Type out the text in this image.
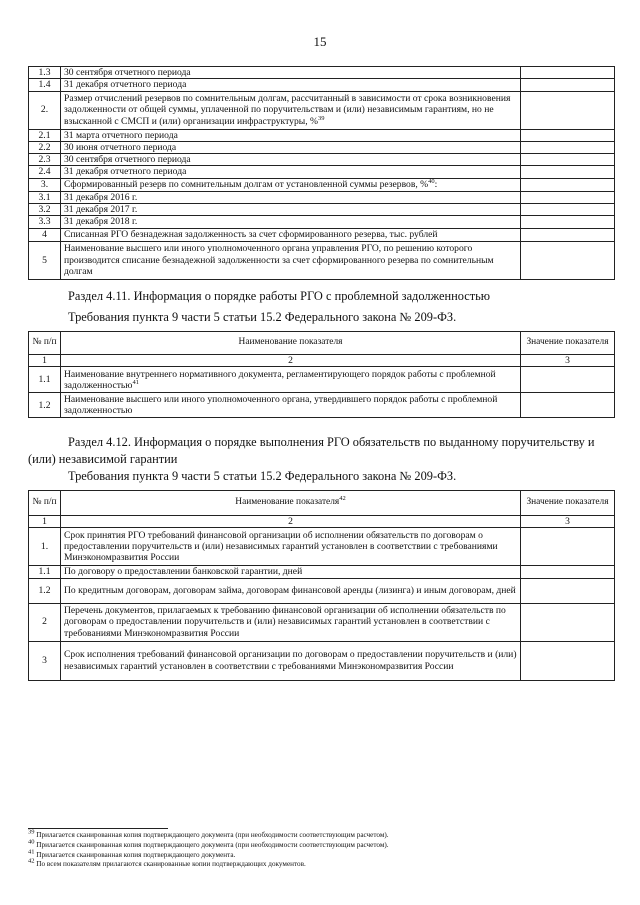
15
1.3	30 сентября отчетного периода	
1.4	31 декабря отчетного периода	
2.	Размер отчислений резервов по сомнительным долгам, рассчитанный в зависимости от срока возникновения задолженности от общей суммы, уплаченной по поручительствам и (или) независимым гарантиям, но не взысканной с СМСП и (или) организации инфраструктуры, %$^{39}$	
2.1	31 марта отчетного периода	
2.2	30 июня отчетного периода	
2.3	30 сентября отчетного периода	
2.4	31 декабря отчетного периода	
3.	Сформированный резерв по сомнительным долгам от установленной суммы резервов, %$^{40}$:	
3.1	31 декабря 2016 г.	
3.2	31 декабря 2017 г.	
3.3	31 декабря 2018 г.	
4	Списанная РГО безнадежная задолженность за счет сформированного резерва, тыс. рублей	
5	Наименование высшего или иного уполномоченного органа управления РГО, по решению которого производится списание безнадежной задолженности за счет сформированного резерва по сомнительным долгам	
Раздел 4.11. Информация о порядке работы РГО с проблемной задолженностью
Требования пункта 9 части 5 статьи 15.2 Федерального закона № 209-ФЗ.
№ п/п	Наименование показателя	Значение показателя
1	2	3
1.1	Наименование внутреннего нормативного документа, регламентирующего порядок работы с проблемной задолженностью$^{41}$	
1.2	Наименование высшего или иного уполномоченного органа, утвердившего порядок работы с проблемной задолженностью	
Раздел 4.12. Информация о порядке выполнения РГО обязательств по выданному поручительству и (или) независимой гарантии
Требования пункта 9 части 5 статьи 15.2 Федерального закона № 209-ФЗ.
№ п/п	Наименование показателя$^{42}$	Значение показателя
1	2	3
1.	Срок принятия РГО требований финансовой организации об исполнении обязательств по договорам о предоставлении поручительств и (или) независимых гарантий установлен в соответствии с требованиями Минэкономразвития России	
1.1	По договору о предоставлении банковской гарантии, дней	
1.2	По кредитным договорам, договорам займа, договорам финансовой аренды (лизинга) и иным договорам, дней	
2	Перечень документов, прилагаемых к требованию финансовой организации об исполнении обязательств по договорам о предоставлении поручительств и (или) независимых гарантий установлен в соответствии с требованиями Минэкономразвития России	
3	Срок исполнения требований финансовой организации по договорам о предоставлении поручительств и (или) независимых гарантий установлен в соответствии с требованиями Минэкономразвития России	
$^{39}$ Прилагается сканированная копия подтверждающего документа (при необходимости соответствующим расчетом).
$^{40}$ Прилагается сканированная копия подтверждающего документа (при необходимости соответствующим расчетом).
$^{41}$ Прилагается сканированная копия подтверждающего документа.
$^{42}$ По всем показателям прилагаются сканированные копии подтверждающих документов.
